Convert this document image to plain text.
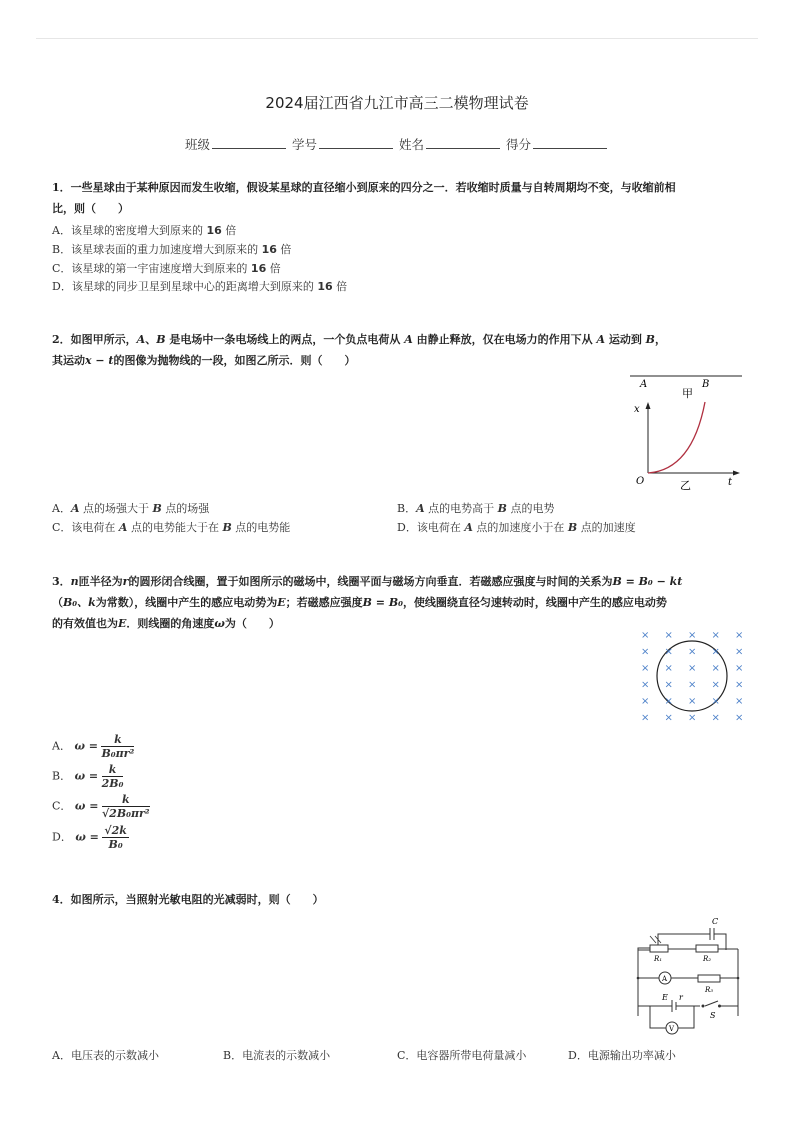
2024届江西省九江市高三二模物理试卷
班级	学号	姓名	得分
1．一些星球由于某种原因而发生收缩，假设某星球的直径缩小到原来的四分之一．若收缩时质量与自转周期均不变，与收缩前相
比，则（　　）
A．该星球的密度增大到原来的 16 倍
B．该星球表面的重力加速度增大到原来的 16 倍
C．该星球的第一宇宙速度增大到原来的 16 倍
D．该星球的同步卫星到星球中心的距离增大到原来的 16 倍
2．如图甲所示，A、B 是电场中一条电场线上的两点，一个负点电荷从 A 由静止释放，仅在电场力的作用下从 A 运动到 B，
其运动x − t的图像为抛物线的一段，如图乙所示．则（　　）
A	B
甲
x
O	乙	t
A．A 点的场强大于 B 点的场强	B．A 点的电势高于 B 点的电势
C．该电荷在 A 点的电势能大于在 B 点的电势能	D．该电荷在 A 点的加速度小于在 B 点的加速度
3．n匝半径为r的圆形闭合线圈，置于如图所示的磁场中，线圈平面与磁场方向垂直．若磁感应强度与时间的关系为B = B₀ − kt
（B₀、k为常数），线圈中产生的感应电动势为E；若磁感应强度B = B₀，使线圈绕直径匀速转动时，线圈中产生的感应电动势
的有效值也为E．则线圈的角速度ω为（　　）
× × × × ×
× × × × ×
× × × × ×
× × × × ×
× × × × ×
× × × × ×
A． $\omega = \frac{k}{\text{B₀πr²}}$
B． $\omega = \frac{k}{\text{2B₀}}$
C． $\omega = \frac{k}{\text{√2B₀πr²}}$
D． $\omega = \frac{√2k}{\text{B₀}}$
4．如图所示，当照射光敏电阻的光减弱时，则（　　）
C
R₁	R₂
R₃
A
E r
S
V
A．电压表的示数减小	B．电流表的示数减小	C．电容器所带电荷量减小	D．电源输出功率减小
